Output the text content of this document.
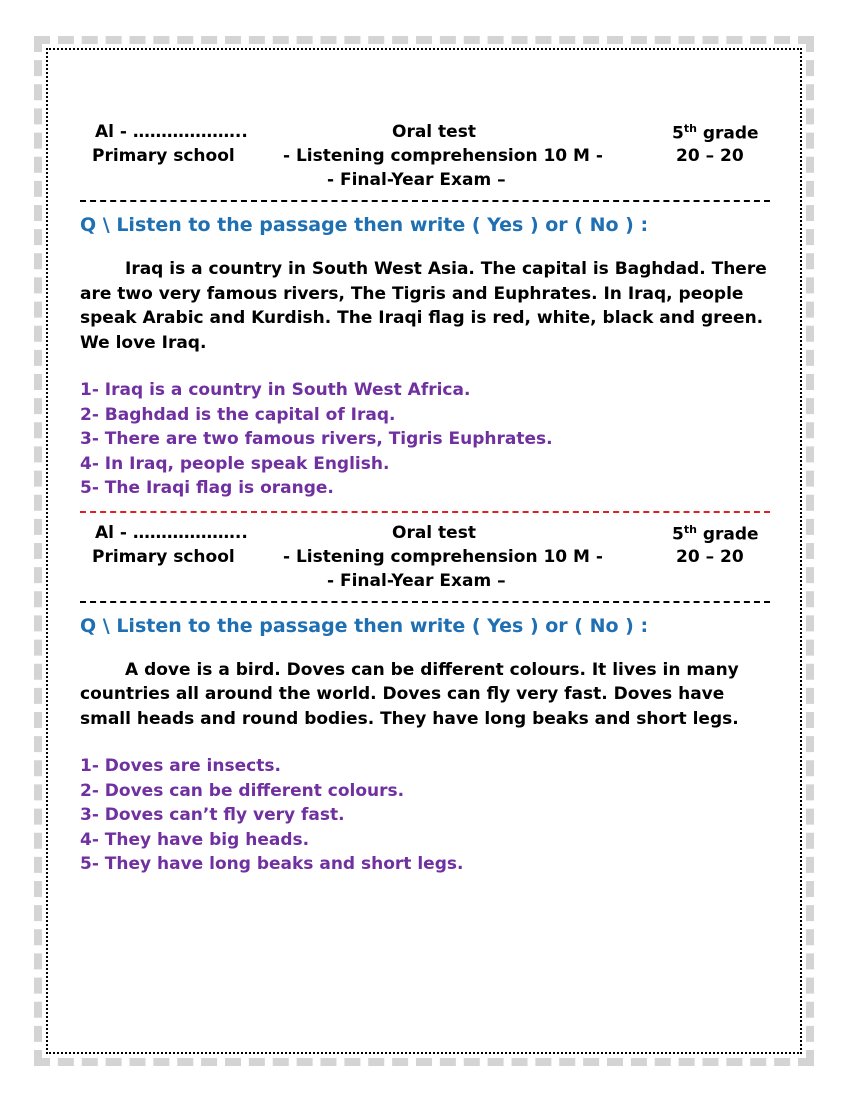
Al - ………………..
Primary school
Oral test
- Listening comprehension 10 M -
- Final-Year Exam –
5th grade
20 – 20
Q \ Listen to the passage then write ( Yes ) or ( No ) :
Iraq is a country in South West Asia. The capital is Baghdad. There are two very famous rivers, The Tigris and Euphrates. In Iraq, people speak Arabic and Kurdish. The Iraqi flag is red, white, black and green. We love Iraq.
1- Iraq is a country in South West Africa.
2- Baghdad is the capital of Iraq.
3- There are two famous rivers, Tigris Euphrates.
4- In Iraq, people speak English.
5- The Iraqi flag is orange.
Al - ………………..
Primary school
Oral test
- Listening comprehension 10 M -
- Final-Year Exam –
5th grade
20 – 20
Q \ Listen to the passage then write ( Yes ) or ( No ) :
A dove is a bird. Doves can be different colours. It lives in many countries all around the world. Doves can fly very fast. Doves have small heads and round bodies. They have long beaks and short legs.
1- Doves are insects.
2- Doves can be different colours.
3- Doves can’t fly very fast.
4- They have big heads.
5- They have long beaks and short legs.
